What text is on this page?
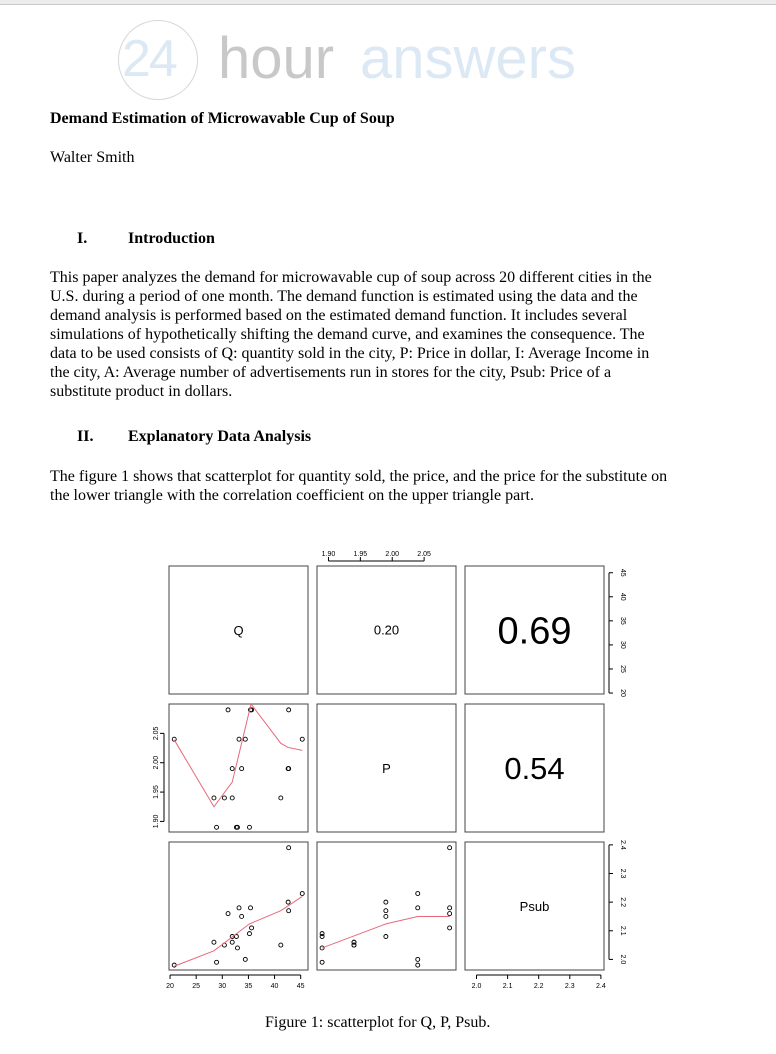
24 hour answers
Demand Estimation of Microwavable Cup of Soup
Walter Smith
I.	Introduction
This paper analyzes the demand for microwavable cup of soup across 20 different cities in the
U.S. during a period of one month. The demand function is estimated using the data and the
demand analysis is performed based on the estimated demand function. It includes several
simulations of hypothetically shifting the demand curve, and examines the consequence. The
data to be used consists of Q: quantity sold in the city, P: Price in dollar, I: Average Income in
the city, A: Average number of advertisements run in stores for the city, Psub: Price of a
substitute product in dollars.
II. Explanatory Data Analysis
The figure 1 shows that scatterplot for quantity sold, the price, and the price for the substitute on
the lower triangle with the correlation coefficient on the upper triangle part.
Q
P
Psub
0.20	0.69
0.54
1.90	1.95	2.00	2.05
20	25	30	35	40	45	2.0	2.1	2.2	2.3	2.4
1.90
1.95
2.00
2.05
20
25
30
35
40
45
2.0
2.1
2.2
2.3
2.4
Figure 1: scatterplot for Q, P, Psub.
